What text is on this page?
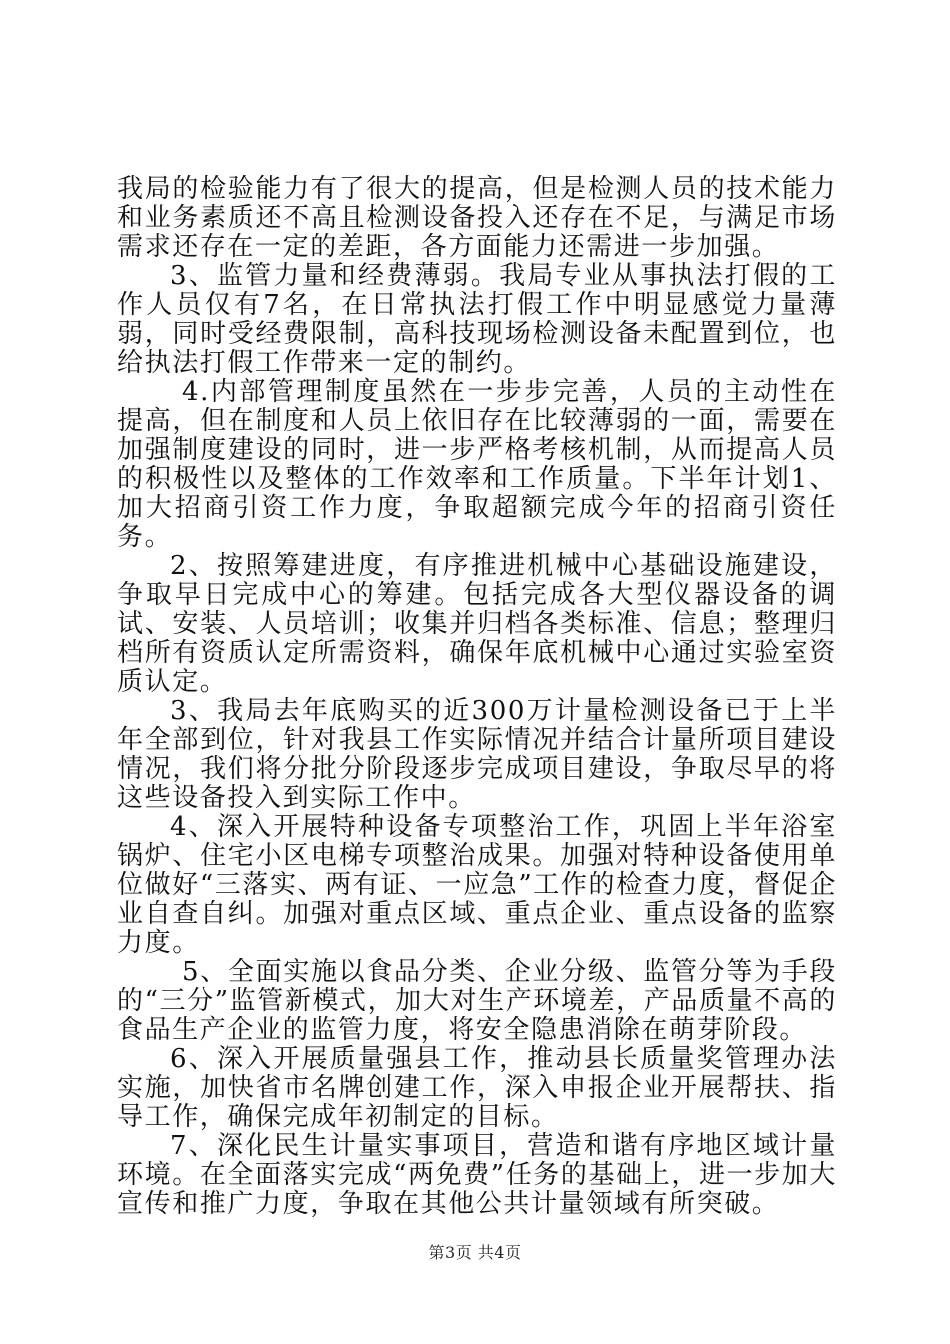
我局的检验能力有了很大的提高，但是检测人员的技术能力和业务素质还不高且检测设备投入还存在不足，与满足市场需求还存在一定的差距，各方面能力还需进一步加强。

3、监管力量和经费薄弱。我局专业从事执法打假的工作人员仅有7名，在日常执法打假工作中明显感觉力量薄弱，同时受经费限制，高科技现场检测设备未配置到位，也给执法打假工作带来一定的制约。

4.内部管理制度虽然在一步步完善，人员的主动性在提高，但在制度和人员上依旧存在比较薄弱的一面，需要在加强制度建设的同时，进一步严格考核机制，从而提高人员的积极性以及整体的工作效率和工作质量。下半年计划1、加大招商引资工作力度，争取超额完成今年的招商引资任务。

2、按照筹建进度，有序推进机械中心基础设施建设，争取早日完成中心的筹建。包括完成各大型仪器设备的调试、安装、人员培训；收集并归档各类标准、信息；整理归档所有资质认定所需资料，确保年底机械中心通过实验室资质认定。

3、我局去年底购买的近300万计量检测设备已于上半年全部到位，针对我县工作实际情况并结合计量所项目建设情况，我们将分批分阶段逐步完成项目建设，争取尽早的将这些设备投入到实际工作中。

4、深入开展特种设备专项整治工作，巩固上半年浴室锅炉、住宅小区电梯专项整治成果。加强对特种设备使用单位做好“三落实、两有证、一应急”工作的检查力度，督促企业自查自纠。加强对重点区域、重点企业、重点设备的监察力度。

5、全面实施以食品分类、企业分级、监管分等为手段的“三分”监管新模式，加大对生产环境差，产品质量不高的食品生产企业的监管力度，将安全隐患消除在萌芽阶段。

6、深入开展质量强县工作，推动县长质量奖管理办法实施，加快省市名牌创建工作，深入申报企业开展帮扶、指导工作，确保完成年初制定的目标。

7、深化民生计量实事项目，营造和谐有序地区域计量环境。在全面落实完成“两免费”任务的基础上，进一步加大宣传和推广力度，争取在其他公共计量领域有所突破。

第3页 共4页
